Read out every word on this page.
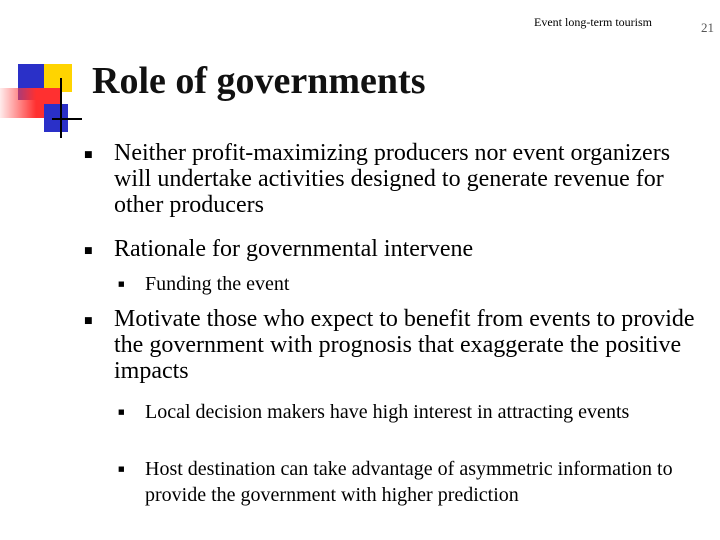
Event long-term tourism	21
Role of governments
■ Neither profit-maximizing producers nor event organizers will undertake activities designed to generate revenue for other producers
■ Rationale for governmental intervene
■ Funding the event
■ Motivate those who expect to benefit from events to provide the government with prognosis that exaggerate the positive impacts
■ Local decision makers have high interest in attracting events
■ Host destination can take advantage of asymmetric information to provide the government with higher prediction
